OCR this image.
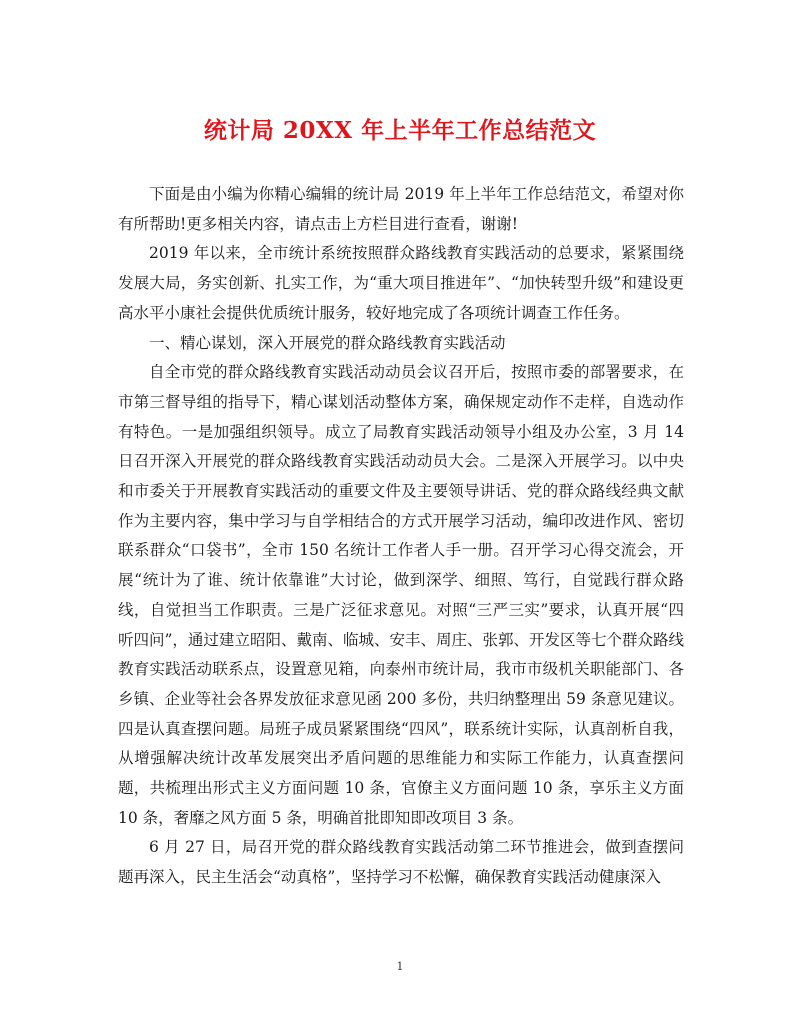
统计局 20XX 年上半年工作总结范文

下面是由小编为你精心编辑的统计局 2019 年上半年工作总结范文，希望对你有所帮助!更多相关内容，请点击上方栏目进行查看，谢谢!

2019 年以来，全市统计系统按照群众路线教育实践活动的总要求，紧紧围绕发展大局，务实创新、扎实工作，为“重大项目推进年”、“加快转型升级”和建设更高水平小康社会提供优质统计服务，较好地完成了各项统计调查工作任务。

一、精心谋划，深入开展党的群众路线教育实践活动

自全市党的群众路线教育实践活动动员会议召开后，按照市委的部署要求，在市第三督导组的指导下，精心谋划活动整体方案，确保规定动作不走样，自选动作有特色。一是加强组织领导。成立了局教育实践活动领导小组及办公室，3 月 14 日召开深入开展党的群众路线教育实践活动动员大会。二是深入开展学习。以中央和市委关于开展教育实践活动的重要文件及主要领导讲话、党的群众路线经典文献作为主要内容，集中学习与自学相结合的方式开展学习活动，编印改进作风、密切联系群众“口袋书”，全市 150 名统计工作者人手一册。召开学习心得交流会，开展“统计为了谁、统计依靠谁”大讨论，做到深学、细照、笃行，自觉践行群众路线，自觉担当工作职责。三是广泛征求意见。对照“三严三实”要求，认真开展“四听四问”，通过建立昭阳、戴南、临城、安丰、周庄、张郭、开发区等七个群众路线教育实践活动联系点，设置意见箱，向泰州市统计局，我市市级机关职能部门、各乡镇、企业等社会各界发放征求意见函 200 多份，共归纳整理出 59 条意见建议。四是认真查摆问题。局班子成员紧紧围绕“四风”，联系统计实际，认真剖析自我，从增强解决统计改革发展突出矛盾问题的思维能力和实际工作能力，认真查摆问题，共梳理出形式主义方面问题 10 条，官僚主义方面问题 10 条，享乐主义方面 10 条，奢靡之风方面 5 条，明确首批即知即改项目 3 条。

6 月 27 日，局召开党的群众路线教育实践活动第二环节推进会，做到查摆问题再深入，民主生活会“动真格”，坚持学习不松懈，确保教育实践活动健康深入

1
